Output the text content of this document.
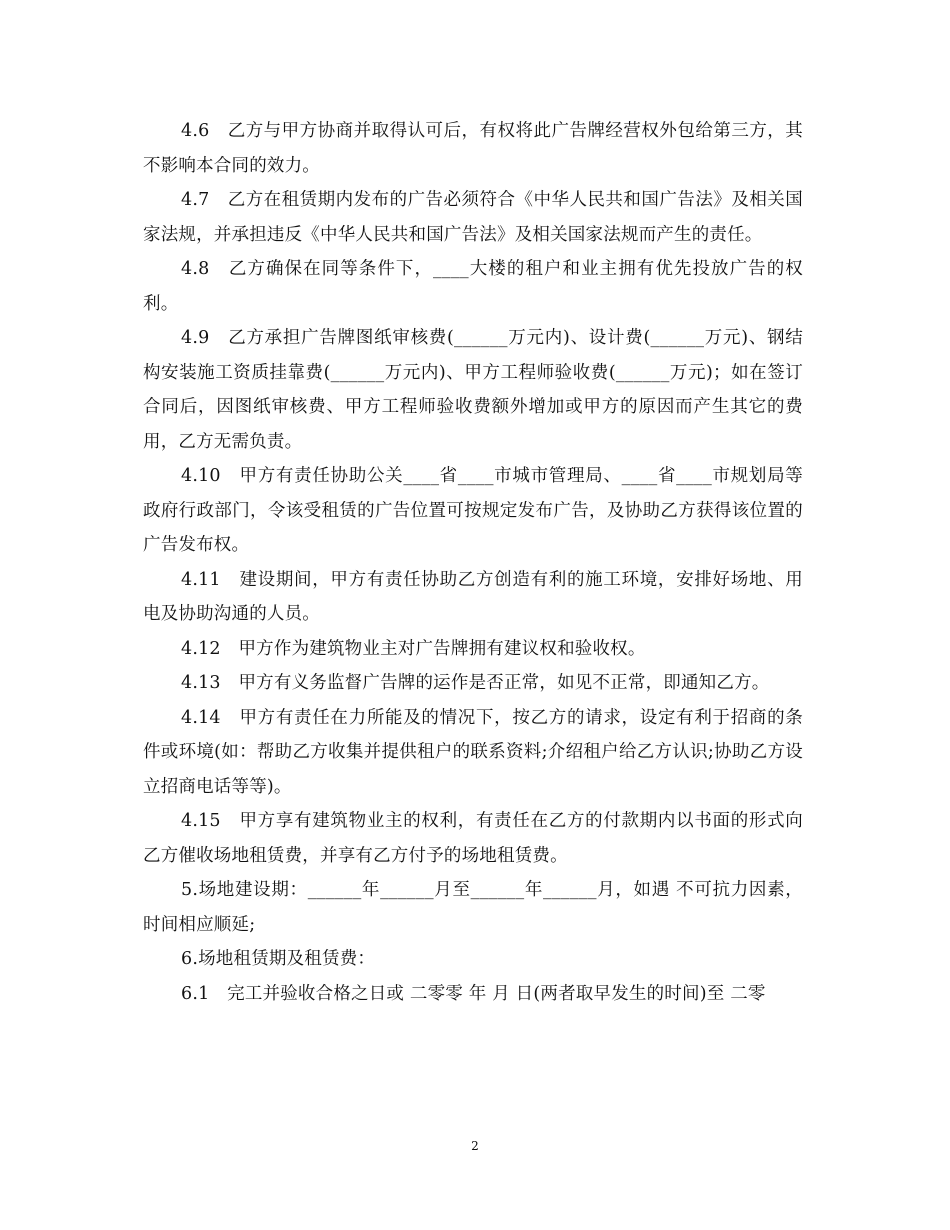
4.6　乙方与甲方协商并取得认可后，有权将此广告牌经营权外包给第三方，其不影响本合同的效力。

4.7　乙方在租赁期内发布的广告必须符合《中华人民共和国广告法》及相关国家法规，并承担违反《中华人民共和国广告法》及相关国家法规而产生的责任。

4.8　乙方确保在同等条件下，____大楼的租户和业主拥有优先投放广告的权利。

4.9　乙方承担广告牌图纸审核费(______万元内)、设计费(______万元)、钢结构安装施工资质挂靠费(______万元内)、甲方工程师验收费(______万元)；如在签订合同后，因图纸审核费、甲方工程师验收费额外增加或甲方的原因而产生其它的费用，乙方无需负责。

4.10　甲方有责任协助公关____省____市城市管理局、____省____市规划局等政府行政部门，令该受租赁的广告位置可按规定发布广告，及协助乙方获得该位置的广告发布权。

4.11　建设期间，甲方有责任协助乙方创造有利的施工环境，安排好场地、用电及协助沟通的人员。

4.12　甲方作为建筑物业主对广告牌拥有建议权和验收权。

4.13　甲方有义务监督广告牌的运作是否正常，如见不正常，即通知乙方。

4.14　甲方有责任在力所能及的情况下，按乙方的请求，设定有利于招商的条件或环境(如：帮助乙方收集并提供租户的联系资料;介绍租户给乙方认识;协助乙方设立招商电话等等)。

4.15　甲方享有建筑物业主的权利，有责任在乙方的付款期内以书面的形式向乙方催收场地租赁费，并享有乙方付予的场地租赁费。

5.场地建设期：______年______月至______年______月，如遇 不可抗力因素，时间相应顺延;

6.场地租赁期及租赁费：

6.1　完工并验收合格之日或 二零零 年 月 日(两者取早发生的时间)至 二零

2
